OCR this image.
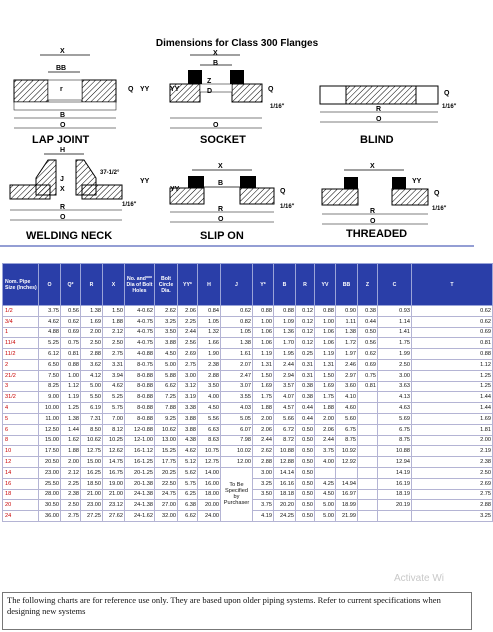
Dimensions for Class 300 Flanges
X
BB
r	Q YY
B
O
LAP JOINT
X
B
Z
D
YY	Q
1/16"
O
SOCKET
R
O
Q
1/16"
BLIND
H
37-1/2°
J
X
YY
R	1/16"
O
WELDING NECK
X
B
YY	Q
R	1/16"
O
SLIP ON
X
YY
Q
R	1/16"
O
THREADED
Nom. Pipe Size (Inches)	O	Q*	R	X	No. and*** Dia of Bolt Holes	Bolt Circle Dia.	YY*	H	J	Y*	B	R	YV	BB	Z	C	T
1/2	3.75	0.56	1.38	1.50	4-0.62	2.62	2.06	0.84	0.62	0.88	0.88	0.12	0.88	0.90	0.38	0.93	0.62
3/4	4.62	0.62	1.69	1.88	4-0.75	3.25	2.25	1.05	0.82	1.00	1.09	0.12	1.00	1.11	0.44	1.14	0.62
1	4.88	0.69	2.00	2.12	4-0.75	3.50	2.44	1.32	1.05	1.06	1.36	0.12	1.06	1.38	0.50	1.41	0.69
11/4	5.25	0.75	2.50	2.50	4-0.75	3.88	2.56	1.66	1.38	1.06	1.70	0.12	1.06	1.72	0.56	1.75	0.81
11/2	6.12	0.81	2.88	2.75	4-0.88	4.50	2.69	1.90	1.61	1.19	1.95	0.25	1.19	1.97	0.62	1.99	0.88
2	6.50	0.88	3.62	3.31	8-0.75	5.00	2.75	2.38	2.07	1.31	2.44	0.31	1.31	2.46	0.69	2.50	1.12
21/2	7.50	1.00	4.12	3.94	8-0.88	5.88	3.00	2.88	2.47	1.50	2.94	0.31	1.50	2.97	0.75	3.00	1.25
3	8.25	1.12	5.00	4.62	8-0.88	6.62	3.12	3.50	3.07	1.69	3.57	0.38	1.69	3.60	0.81	3.63	1.25
31/2	9.00	1.19	5.50	5.25	8-0.88	7.25	3.19	4.00	3.55	1.75	4.07	0.38	1.75	4.10		4.13	1.44
4	10.00	1.25	6.19	5.75	8-0.88	7.88	3.38	4.50	4.03	1.88	4.57	0.44	1.88	4.60		4.63	1.44
5	11.00	1.38	7.31	7.00	8-0.88	9.25	3.88	5.56	5.05	2.00	5.66	0.44	2.00	5.60		5.69	1.69
6	12.50	1.44	8.50	8.12	12-0.88	10.62	3.88	6.63	6.07	2.06	6.72	0.50	2.06	6.75		6.75	1.81
8	15.00	1.62	10.62	10.25	12-1.00	13.00	4.38	8.63	7.98	2.44	8.72	0.50	2.44	8.75		8.75	2.00
10	17.50	1.88	12.75	12.62	16-1.12	15.25	4.62	10.75	10.02	2.62	10.88	0.50	3.75	10.92		10.88	2.19
12	20.50	2.00	15.00	14.75	16-1.25	17.75	5.12	12.75	12.00	2.88	12.88	0.50	4.00	12.92		12.94	2.38
14	23.00	2.12	16.25	16.75	20-1.25	20.25	5.62	14.00	To Be Specified by Purchaser	3.00	14.14	0.50				14.19	2.50
16	25.50	2.25	18.50	19.00	20-1.38	22.50	5.75	16.00		3.25	16.16	0.50	4.25	14.94		16.19	2.69
18	28.00	2.38	21.00	21.00	24-1.38	24.75	6.25	18.00		3.50	18.18	0.50	4.50	16.97		18.19	2.75
20	30.50	2.50	23.00	23.12	24-1.38	27.00	6.38	20.00		3.75	20.20	0.50	5.00	18.99		20.19	2.88
24	36.00	2.75	27.25	27.62	24-1.62	32.00	6.62	24.00		4.19	24.25	0.50	5.00	21.99			3.25
Activate Wi
The following charts are for reference use only. They are based upon older piping systems. Refer to current specifications when designing new systems
